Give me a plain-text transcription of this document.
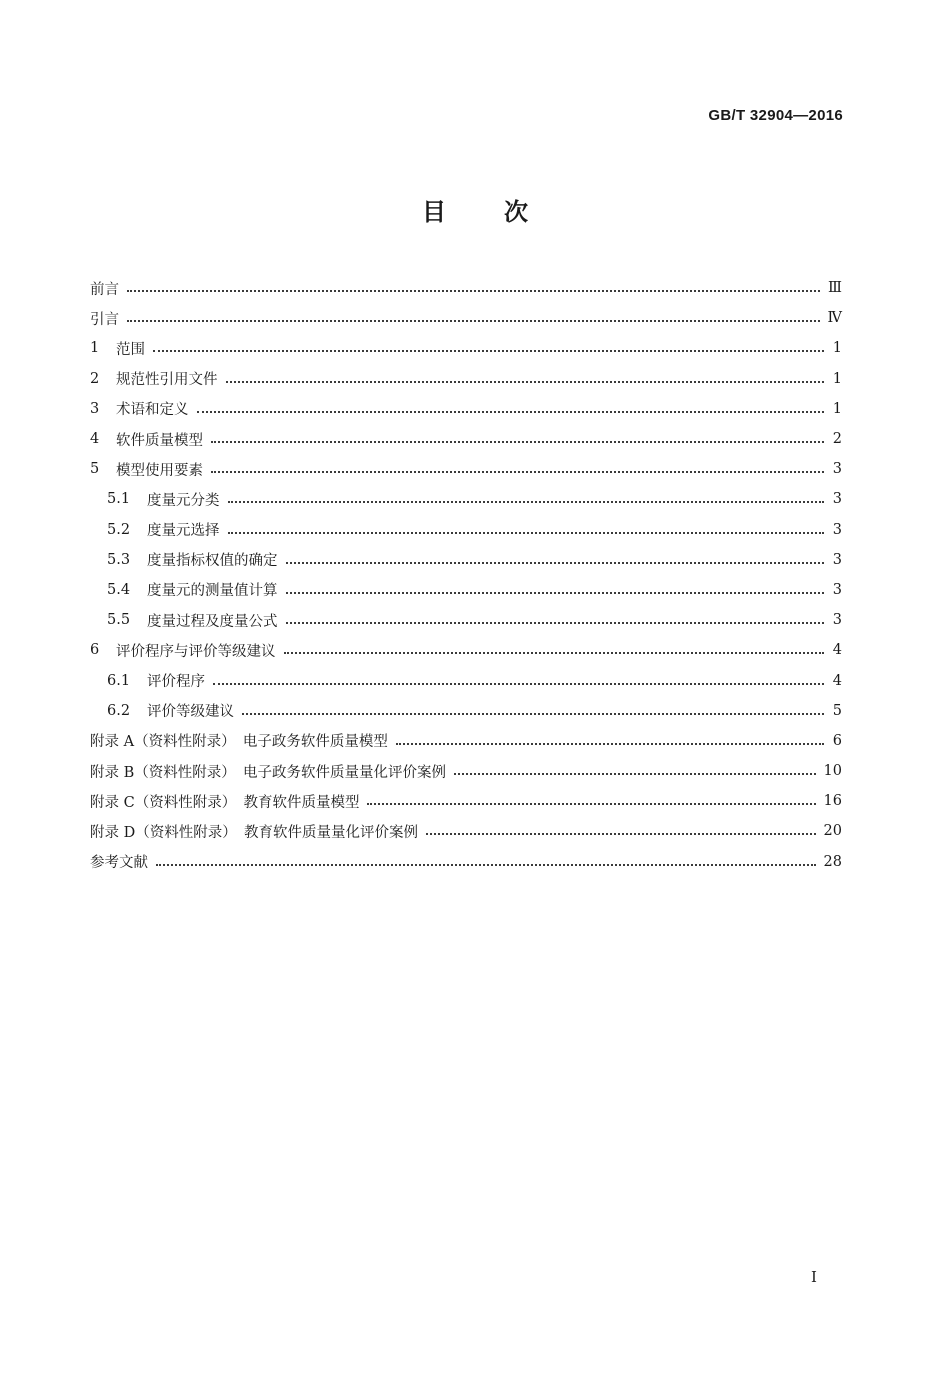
GB/T 32904—2016
目次
前言	Ⅲ
引言	Ⅳ
1	范围	1
2	规范性引用文件	1
3	术语和定义	1
4	软件质量模型	2
5	模型使用要素	3
5.1	度量元分类	3
5.2	度量元选择	3
5.3	度量指标权值的确定	3
5.4	度量元的测量值计算	3
5.5	度量过程及度量公式	3
6	评价程序与评价等级建议	4
6.1	评价程序	4
6.2	评价等级建议	5
附录 A（资料性附录）　电子政务软件质量模型	6
附录 B（资料性附录）　电子政务软件质量量化评价案例	10
附录 C（资料性附录）　教育软件质量模型	16
附录 D（资料性附录）　教育软件质量量化评价案例	20
参考文献	28
I
